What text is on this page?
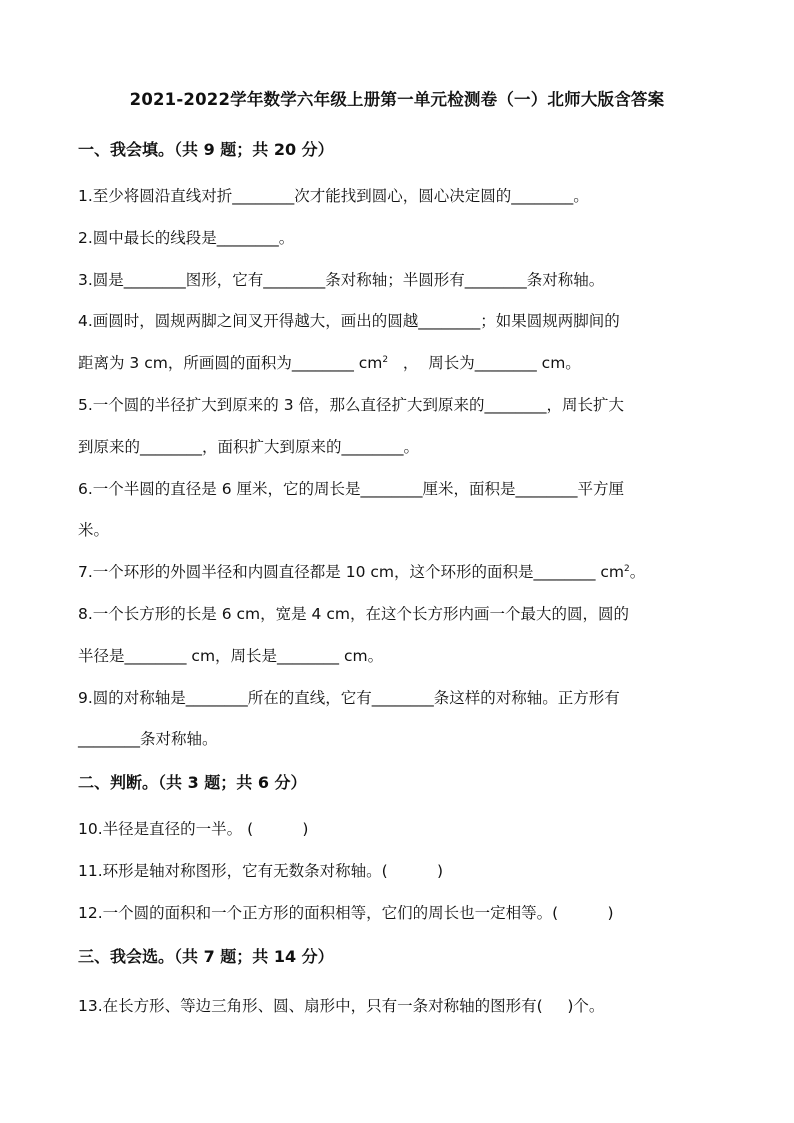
2021-2022学年数学六年级上册第一单元检测卷（一）北师大版含答案
一、我会填。（共 9 题；共 20 分）
1.至少将圆沿直线对折________次才能找到圆心，圆心决定圆的________。
2.圆中最长的线段是________。
3.圆是________图形，它有________条对称轴；半圆形有________条对称轴。
4.画圆时，圆规两脚之间叉开得越大，画出的圆越________；如果圆规两脚间的
距离为 3 cm，所画圆的面积为________ $cm^2$   ，  周长为________ cm。
5.一个圆的半径扩大到原来的 3 倍，那么直径扩大到原来的________，周长扩大
到原来的________，面积扩大到原来的________。
6.一个半圆的直径是 6 厘米，它的周长是________厘米，面积是________平方厘
米。
7.一个环形的外圆半径和内圆直径都是 10 cm，这个环形的面积是________ $cm^2$。
8.一个长方形的长是 6 cm，宽是 4 cm，在这个长方形内画一个最大的圆，圆的
半径是________ cm，周长是________ cm。
9.圆的对称轴是________所在的直线，它有________条这样的对称轴。正方形有
________条对称轴。
二、判断。（共 3 题；共 6 分）
10.半径是直径的一半。 (          )
11.环形是轴对称图形，它有无数条对称轴。(          )
12.一个圆的面积和一个正方形的面积相等，它们的周长也一定相等。(          )
三、我会选。（共 7 题；共 14 分）
13.在长方形、等边三角形、圆、扇形中，只有一条对称轴的图形有(     )个。
